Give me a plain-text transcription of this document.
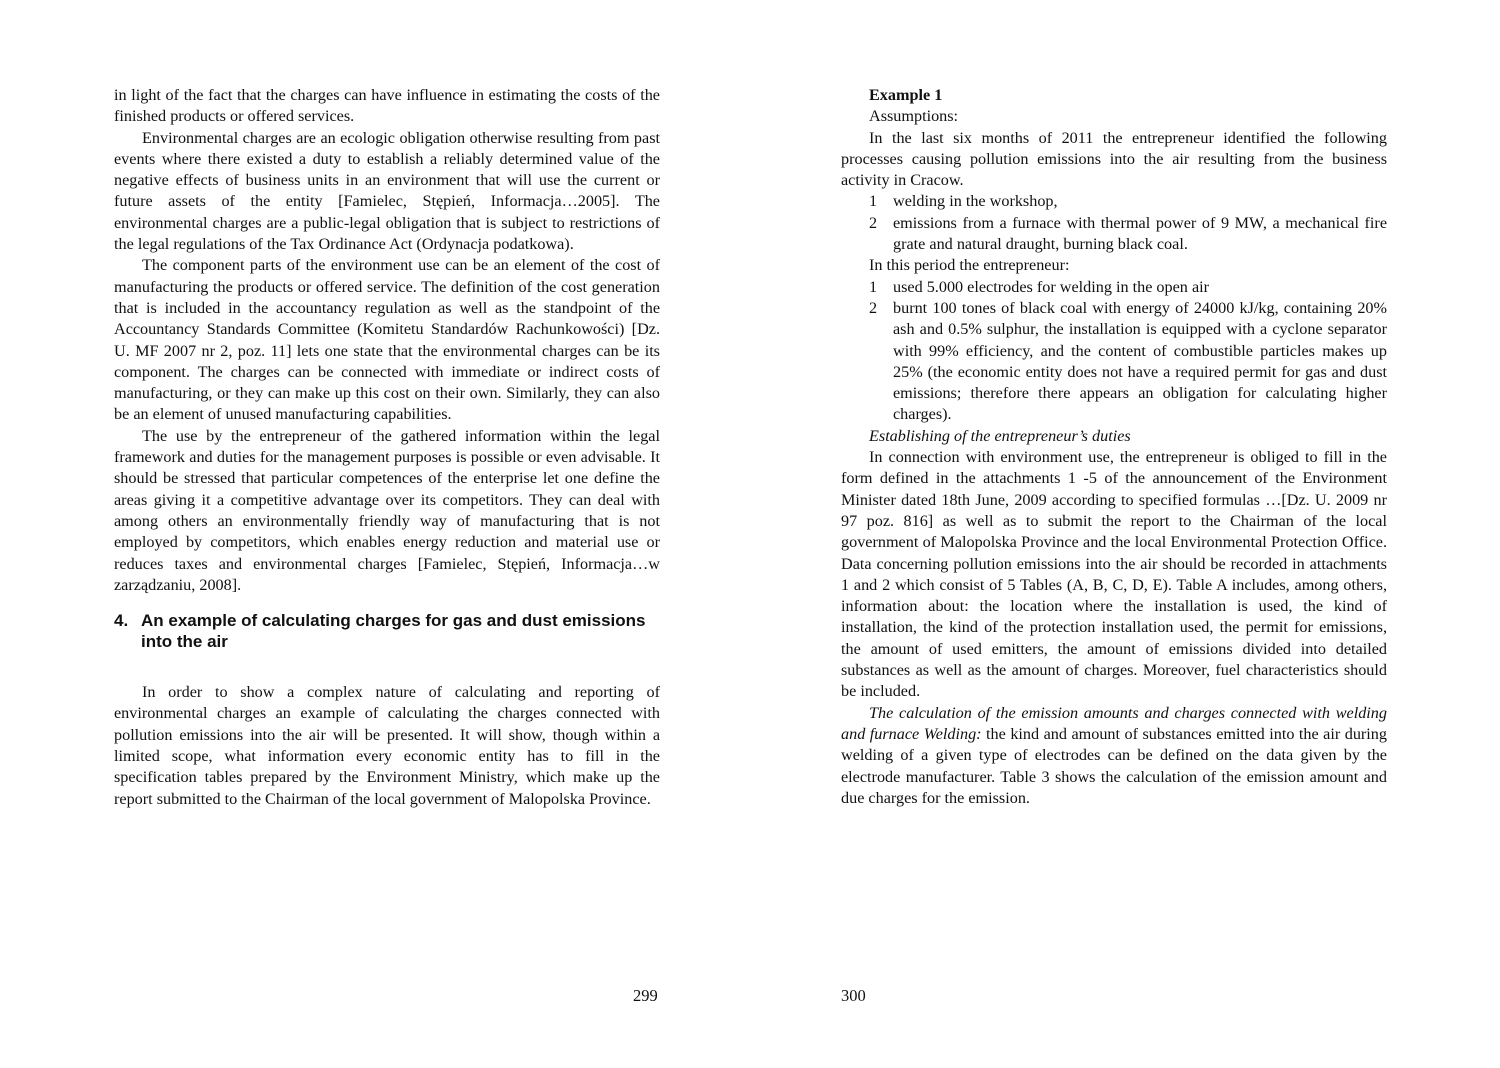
in light of the fact that the charges can have influence in estimating the costs of the finished products or offered services.

Environmental charges are an ecologic obligation otherwise resulting from past events where there existed a duty to establish a reliably determined value of the negative effects of business units in an environment that will use the current or future assets of the entity [Famielec, Stępień, Informacja…2005]. The environmental charges are a public-legal obligation that is subject to restrictions of the legal regulations of the Tax Ordinance Act (Ordynacja podatkowa).

The component parts of the environment use can be an element of the cost of manufacturing the products or offered service. The definition of the cost generation that is included in the accountancy regulation as well as the standpoint of the Accountancy Standards Committee (Komitetu Standardów Rachunkowości) [Dz. U. MF 2007 nr 2, poz. 11] lets one state that the environmental charges can be its component. The charges can be connected with immediate or indirect costs of manufacturing, or they can make up this cost on their own. Similarly, they can also be an element of unused manufacturing capabilities.

The use by the entrepreneur of the gathered information within the legal framework and duties for the management purposes is possible or even advisable. It should be stressed that particular competences of the enterprise let one define the areas giving it a competitive advantage over its competitors. They can deal with among others an environmentally friendly way of manufacturing that is not employed by competitors, which enables energy reduction and material use or reduces taxes and environmental charges [Famielec, Stępień, Informacja…w zarządzaniu, 2008].

4. An example of calculating charges for gas and dust emissions into the air

In order to show a complex nature of calculating and reporting of environmental charges an example of calculating the charges connected with pollution emissions into the air will be presented. It will show, though within a limited scope, what information every economic entity has to fill in the specification tables prepared by the Environment Ministry, which make up the report submitted to the Chairman of the local government of Malopolska Province.

299

Example 1

Assumptions:

In the last six months of 2011 the entrepreneur identified the following processes causing pollution emissions into the air resulting from the business activity in Cracow.

1 welding in the workshop,

2 emissions from a furnace with thermal power of 9 MW, a mechanical fire grate and natural draught, burning black coal.

In this period the entrepreneur:

1 used 5.000 electrodes for welding in the open air

2 burnt 100 tones of black coal with energy of 24000 kJ/kg, containing 20% ash and 0.5% sulphur, the installation is equipped with a cyclone separator with 99% efficiency, and the content of combustible particles makes up 25% (the economic entity does not have a required permit for gas and dust emissions; therefore there appears an obligation for calculating higher charges).

Establishing of the entrepreneur’s duties

In connection with environment use, the entrepreneur is obliged to fill in the form defined in the attachments 1 -5 of the announcement of the Environment Minister dated 18th June, 2009 according to specified formulas …[Dz. U. 2009 nr 97 poz. 816] as well as to submit the report to the Chairman of the local government of Malopolska Province and the local Environmental Protection Office. Data concerning pollution emissions into the air should be recorded in attachments 1 and 2 which consist of 5 Tables (A, B, C, D, E). Table A includes, among others, information about: the location where the installation is used, the kind of installation, the kind of the protection installation used, the permit for emissions, the amount of used emitters, the amount of emissions divided into detailed substances as well as the amount of charges. Moreover, fuel characteristics should be included.

The calculation of the emission amounts and charges connected with welding and furnace Welding: the kind and amount of substances emitted into the air during welding of a given type of electrodes can be defined on the data given by the electrode manufacturer. Table 3 shows the calculation of the emission amount and due charges for the emission.

300
